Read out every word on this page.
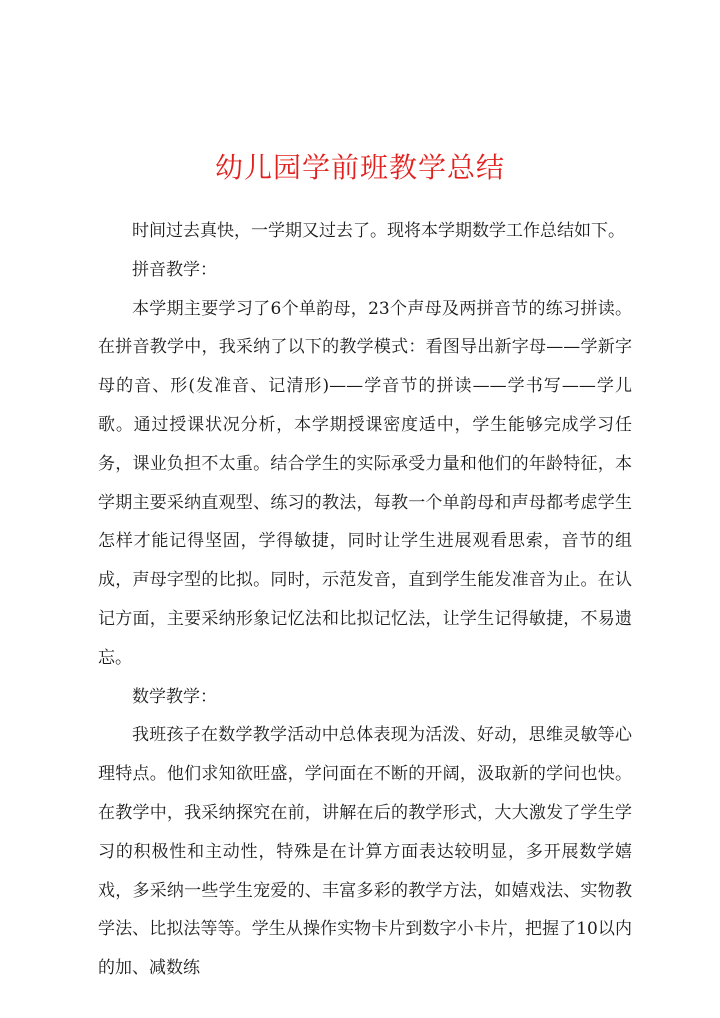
幼儿园学前班教学总结

时间过去真快，一学期又过去了。现将本学期数学工作总结如下。

拼音教学：

本学期主要学习了6个单韵母，23个声母及两拼音节的练习拼读。在拼音教学中，我采纳了以下的教学模式：看图导出新字母——学新字母的音、形(发准音、记清形)——学音节的拼读——学书写——学儿歌。通过授课状况分析，本学期授课密度适中，学生能够完成学习任务，课业负担不太重。结合学生的实际承受力量和他们的年龄特征，本学期主要采纳直观型、练习的教法，每教一个单韵母和声母都考虑学生怎样才能记得坚固，学得敏捷，同时让学生进展观看思索，音节的组成，声母字型的比拟。同时，示范发音，直到学生能发准音为止。在认记方面，主要采纳形象记忆法和比拟记忆法，让学生记得敏捷，不易遗忘。

数学教学：

我班孩子在数学教学活动中总体表现为活泼、好动，思维灵敏等心理特点。他们求知欲旺盛，学问面在不断的开阔，汲取新的学问也快。在教学中，我采纳探究在前，讲解在后的教学形式，大大激发了学生学习的积极性和主动性，特殊是在计算方面表达较明显，多开展数学嬉戏，多采纳一些学生宠爱的、丰富多彩的教学方法，如嬉戏法、实物教学法、比拟法等等。学生从操作实物卡片到数字小卡片，把握了10以内的加、减数练
